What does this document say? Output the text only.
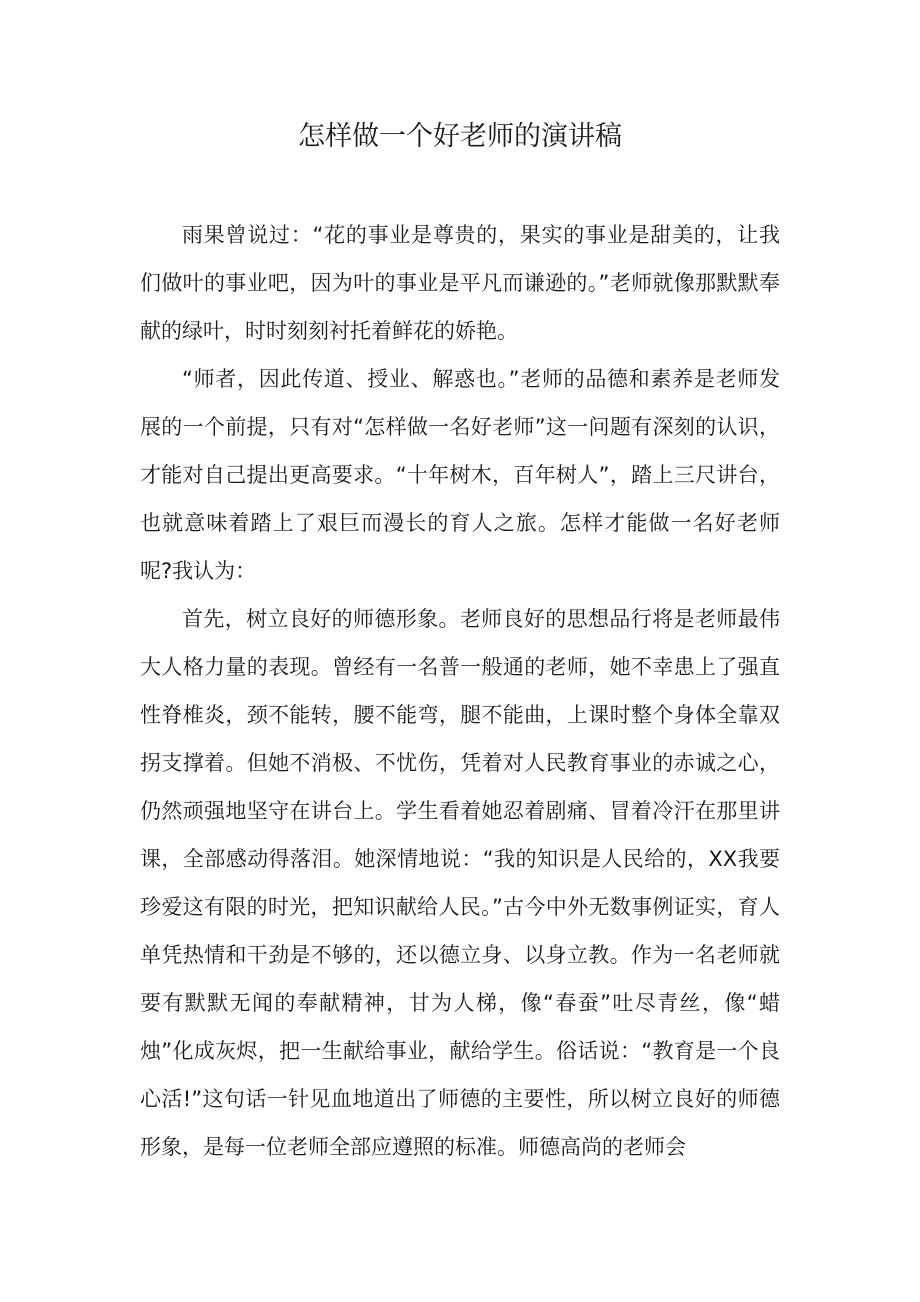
怎样做一个好老师的演讲稿

雨果曾说过：“花的事业是尊贵的，果实的事业是甜美的，让我们做叶的事业吧，因为叶的事业是平凡而谦逊的。”老师就像那默默奉献的绿叶，时时刻刻衬托着鲜花的娇艳。

“师者，因此传道、授业、解惑也。”老师的品德和素养是老师发展的一个前提，只有对“怎样做一名好老师”这一问题有深刻的认识，才能对自己提出更高要求。“十年树木，百年树人”，踏上三尺讲台，也就意味着踏上了艰巨而漫长的育人之旅。怎样才能做一名好老师呢?我认为：

首先，树立良好的师德形象。老师良好的思想品行将是老师最伟大人格力量的表现。曾经有一名普一般通的老师，她不幸患上了强直性脊椎炎，颈不能转，腰不能弯，腿不能曲，上课时整个身体全靠双拐支撑着。但她不消极、不忧伤，凭着对人民教育事业的赤诚之心，仍然顽强地坚守在讲台上。学生看着她忍着剧痛、冒着冷汗在那里讲课，全部感动得落泪。她深情地说：“我的知识是人民给的，XX我要珍爱这有限的时光，把知识献给人民。”古今中外无数事例证实，育人单凭热情和干劲是不够的，还以德立身、以身立教。作为一名老师就要有默默无闻的奉献精神，甘为人梯，像“春蚕”吐尽青丝，像“蜡烛”化成灰烬，把一生献给事业，献给学生。俗话说：“教育是一个良心活!”这句话一针见血地道出了师德的主要性，所以树立良好的师德形象，是每一位老师全部应遵照的标准。师德高尚的老师会
